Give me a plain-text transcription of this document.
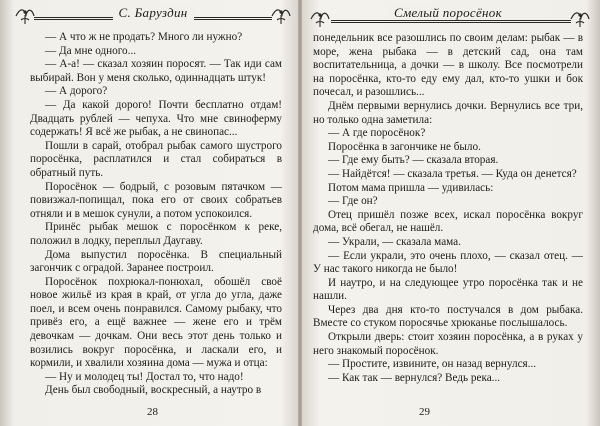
С. Баруздин

— А что ж не продать? Много ли нужно?

— Да мне одного...

— А-а! — сказал хозяин поросят. — Так иди сам выбирай. Вон у меня сколько, одиннадцать штук!

— А дорого?

— Да какой дорого! Почти бесплатно отдам! Двадцать рублей — чепуха. Что мне свиноферму содержать! Я всё же рыбак, а не свинопас...

Пошли в сарай, отобрал рыбак самого шустрого поросёнка, расплатился и стал собираться в обратный путь.

Поросёнок — бодрый, с розовым пятачком — повизжал-попищал, пока его от своих собратьев отняли и в мешок сунули, а потом успокоился.

Принёс рыбак мешок с поросёнком к реке, положил в лодку, переплыл Даугаву.

Дома выпустил поросёнка. В специальный загончик с оградой. Заранее построил.

Поросёнок похрюкал-понюхал, обошёл своё новое жильё из края в край, от угла до угла, даже поел, и всем очень понравился. Самому рыбаку, что привёз его, а ещё важнее — жене его и трём девочкам — дочкам. Они весь этот день только и возились вокруг поросёнка, и ласкали его, и кормили, и хвалили хозяина дома — мужа и отца:

— Ну и молодец ты! Достал то, что надо!

День был свободный, воскресный, а наутро в

28
Смелый поросёнок

понедельник все разошлись по своим делам: рыбак — в море, жена рыбака — в детский сад, она там воспитательница, а дочки — в школу. Все посмотрели на поросёнка, кто-то еду ему дал, кто-то ушки и бок почесал, и разошлись...

Днём первыми вернулись дочки. Вернулись все три, но только одна заметила:

— А где поросёнок?

Поросёнка в загончике не было.

— Где ему быть? — сказала вторая.

— Найдётся! — сказала третья. — Куда он денется?

Потом мама пришла — удивилась:

— Где он?

Отец пришёл позже всех, искал поросёнка вокруг дома, всё обегал, не нашёл.

— Украли, — сказала мама.

— Если украли, это очень плохо, — сказал отец. — У нас такого никогда не было!

И наутро, и на следующее утро поросёнка так и не нашли.

Через два дня кто-то постучался в дом рыбака. Вместе со стуком поросячье хрюканье послышалось.

Открыли дверь: стоит хозяин поросёнка, а в руках у него знакомый поросёнок.

— Простите, извините, он назад вернулся...

— Как так — вернулся? Ведь река...

29
